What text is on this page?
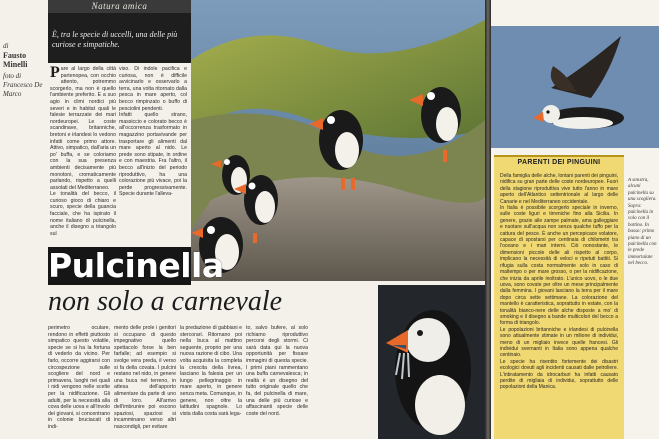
Natura amica
È, tra le specie di uccelli, una delle più curiose e simpatiche.
di
Fausto Minelli
foto di Francesco De Marco
Pare al largo della città partenopea, con occhio attento, potremmo scorgerlo, ma non è quello l'ambiente preferito. E a suo agio in climi nordici più severi e in habitat quali le falesie terrazzate dei mari nordeuropei. Le coste scandinave, britanniche, bretoni e irlandesi lo vedono infatti come primo attore. Attivo, simpatico, dall'aria un po' buffa, e se coloriamo con la sua presenza ambienti decisamente più monotoni, cromaticamente parlando, rispetto a quelli assolati del Mediterraneo.
Le tonalità del becco, il curioso gioco di chiaro e scuro, specie della guancia facciale, che ha ispirato il nome italiano di pulcinella, anche il disegno a triangolo sul
viso. Di indole pacifica e curiosa, non è difficile avvicinarlo e osservarlo a terra, una volta ritornato dalla pesca in mare aperto, col becco rimpinzato o buffo di pesciolini pendenti.
Infatti quello strano, massiccio e colorato becco è all'occorrenza trasformato in magazzino portavivande per trasportare gli alimenti dal mare aperto al nido. Le prede sono stipate, in ordine e con maestria. Fra l'altro, il becco all'inizio del periodo riproduttivo, ha una colorazione più vivace, poi la perde progressivamente. Specie durante l'alleva-
Pulcinella
non solo a carnevale
perimetro oculare, rendono in effetti piuttosto simpatico questo volatile, specie se si ha la fortuna di vederlo da vicino. Per farlo, occorre aggirarsi con circospezione sulle scogliere del nord e primavera, luoghi nei quali i nidi vengono nelle scelte per la nidificazione. Gli adulti, per la necessità alla cova delle uova e all'involo dei giovani, si concentrano in colonie bruciacati di indi-
mento delle prole i genitori si occupano di questo impegnativo quello spettacolo forse la ben farfalle; ad esempio si svolge vera preda, il verso si fa della covata. I pulcini restano nel nido, in genere una buca nel terreno, in attesa dell'apporto alimentare da parte di uno di loro. All'arrivo dell'imbrunire poi escono spaziosi, spaziosi si incamminano verso altri nascondigli, per evitare
la predazione di gabbiani e stercorari. Ritornano poi nella buca al mattino seguente, proprio per una nuova razione di cibo. Una volta acquisita la completa la crescita della livrea, lasciano la falesia per un lungo pellegrinaggio in mare aperto, in genere senza meta. Comunque, in genere, non oltre la latitudini spagnole. Lo vista dalla costa sarà lega-
to, salvo bufere, al solo richiamo riproduttivo percorsi degli stormi. Ci sarà data qui la nuova opportunità per fissare immagini di questa specie. I primi piani rammentano una buffa carnevalesca; in realtà è un disegno del tutto originale quello che fa, del pulcinella di mare, una delle più curiose e affascinanti specie delle coste del nord.
PARENTI DEI PINGUINI
Della famiglia delle alche, lontani parenti dei pinguini, nidifica su gran parte delle coste nordeuropee. Fuori della stagione riproduttiva vive tutto l'anno in mare aperto dell'Atlantico settentrionale al largo delle Canarie e nel Mediterraneo occidentale.
In Italia è possibile scorgerlo speciale in inverno, sulle coste liguri e tirreniche fino alla Sicilia. In genere, grazie alle zampe palmate, ama galleggiare e nuotare sull'acqua non senza qualche tuffo per la cattura del pesce. È anche un percepicace volatore, capace di spostarsi per centinaia di chilometri tra l'oceano e i mari interni. Ciò nonostante, le dimensioni piccole delle ali rispetto al corpo, implicano la necessità di veloci e ripetuti battiti. Si rifugia sulla costa normalmente solo in caso di maltempo o per mare grosso, o per la nidificazione, che inizia da aprile inoltrato. L'unico uovo, o le due uova, sono covate per oltre un mese principalmente dalla femmina. I giovani lasciano la terra per il mare dopo circa sette settimane. La colorazione del mantello è caratteristica, soprattutto in estate, con la tonalità bianco-nere delle alche disposte a mo' di smoking e il disegno a bande multicolori del becco a forma di triangolo.
Le popolazioni britanniche e irlandesi di pulcinella sono attualmente stimate in un milione di individui, meno di un migliaio invece quelle francesi. Gli individui svernanti in Italia sono appena qualche centinaio.
Le specie ha risentito fortemente dei disastri ecologici dovuti agli incidenti causati dalle petroliere. L'inbratamento da idrocarburi ha infatti causato perdite di migliaia di individui, soprattutto delle popolazioni della Manica.
A sinistra, alcuni pulcinella su una scogliera. Sopra: pulcinella in volo con il bottino. In basso: primo piano di un pulcinella con le prede immortalate nel becco.
